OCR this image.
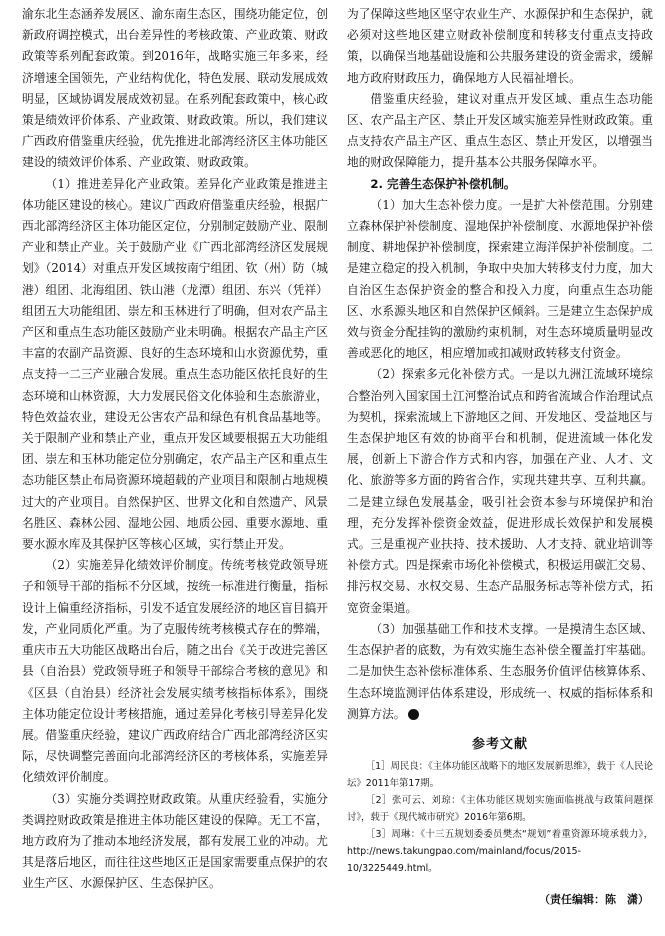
渝东北生态涵养发展区、渝东南生态区，围绕功能定位，创新政府调控模式，出台差异性的考核政策、产业政策、财政政策等系列配套政策。到2016年，战略实施三年多来，经济增速全国领先，产业结构优化，特色发展、联动发展成效明显，区域协调发展成效初显。在系列配套政策中，核心政策是绩效评价体系、产业政策、财政政策。所以，我们建议广西政府借鉴重庆经验，优先推进北部湾经济区主体功能区建设的绩效评价体系、产业政策、财政政策。

（1）推进差异化产业政策。差异化产业政策是推进主体功能区建设的核心。建议广西政府借鉴重庆经验，根据广西北部湾经济区主体功能区定位，分别制定鼓励产业、限制产业和禁止产业。关于鼓励产业《广西北部湾经济区发展规划》（2014）对重点开发区域按南宁组团、钦（州）防（城港）组团、北海组团、铁山港（龙潭）组团、东兴（凭祥）组团五大功能组团、崇左和玉林进行了明确，但对农产品主产区和重点生态功能区鼓励产业未明确。根据农产品主产区丰富的农副产品资源、良好的生态环境和山水资源优势，重点支持一二三产业融合发展。重点生态功能区依托良好的生态环境和山林资源，大力发展民俗文化体验和生态旅游业，特色效益农业，建设无公害农产品和绿色有机食品基地等。关于限制产业和禁止产业，重点开发区域要根据五大功能组团、崇左和玉林功能定位分别确定，农产品主产区和重点生态功能区禁止布局资源环境超载的产业项目和限制占地规模过大的产业项目。自然保护区、世界文化和自然遗产、风景名胜区、森林公园、湿地公园、地质公园、重要水源地、重要水源水库及其保护区等核心区域，实行禁止开发。

（2）实施差异化绩效评价制度。传统考核党政领导班子和领导干部的指标不分区域，按统一标准进行衡量，指标设计上偏重经济指标，引发不适宜发展经济的地区盲目搞开发，产业同质化严重。为了克服传统考核模式存在的弊端，重庆市五大功能区战略出台后，随之出台《关于改进完善区县（自治县）党政领导班子和领导干部综合考核的意见》和《区县（自治县）经济社会发展实绩考核指标体系》，围绕主体功能定位设计考核措施，通过差异化考核引导差异化发展。借鉴重庆经验，建议广西政府结合广西北部湾经济区实际，尽快调整完善面向北部湾经济区的考核体系，实施差异化绩效评价制度。

（3）实施分类调控财政政策。从重庆经验看，实施分类调控财政政策是推进主体功能区建设的保障。无工不富，地方政府为了推动本地经济发展，都有发展工业的冲动。尤其是落后地区，而往往这些地区正是国家需要重点保护的农业生产区、水源保护区、生态保护区。

为了保障这些地区坚守农业生产、水源保护和生态保护，就必须对这些地区建立财政补偿制度和转移支付重点支持政策，以确保当地基础设施和公共服务建设的资金需求，缓解地方政府财政压力，确保地方人民福祉增长。

借鉴重庆经验，建议对重点开发区域、重点生态功能区、农产品主产区、禁止开发区域实施差异性财政政策。重点支持农产品主产区、重点生态区、禁止开发区，以增强当地的财政保障能力，提升基本公共服务保障水平。

2. 完善生态保护补偿机制。

（1）加大生态补偿力度。一是扩大补偿范围。分别建立森林保护补偿制度、湿地保护补偿制度、水源地保护补偿制度、耕地保护补偿制度，探索建立海洋保护补偿制度。二是建立稳定的投入机制，争取中央加大转移支付力度，加大自治区生态保护资金的整合和投入力度，向重点生态功能区、水系源头地区和自然保护区倾斜。三是建立生态保护成效与资金分配挂钩的激励约束机制，对生态环境质量明显改善或恶化的地区，相应增加或扣减财政转移支付资金。

（2）探索多元化补偿方式。一是以九洲江流域环境综合整治列入国家国土江河整治试点和跨省流域合作治理试点为契机，探索流域上下游地区之间、开发地区、受益地区与生态保护地区有效的协商平台和机制，促进流域一体化发展，创新上下游合作方式和内容，加强在产业、人才、文化、旅游等多方面的跨省合作，实现共建共享、互利共赢。二是建立绿色发展基金，吸引社会资本参与环境保护和治理，充分发挥补偿资金效益，促进形成长效保护和发展模式。三是重视产业扶持、技术援助、人才支持、就业培训等补偿方式。四是探索市场化补偿模式，积极运用碳汇交易、排污权交易、水权交易、生态产品服务标志等补偿方式，拓宽资金渠道。

（3）加强基础工作和技术支撑。一是摸清生态区域、生态保护者的底数，为有效实施生态补偿全覆盖打牢基础。二是加快生态补偿标准体系、生态服务价值评估核算体系、生态环境监测评估体系建设，形成统一、权威的指标体系和测算方法。	Z

参考文献

［1］周民良：《主体功能区战略下的地区发展新思维》，载于《人民论坛》2011年第17期。

［2］张可云、刘琼：《主体功能区规划实施面临挑战与政策问题探讨》，载于《现代城市研究》2016年第6期。

［3］周琳：《十三五规划委委员樊杰“规划”着重资源环境承载力》，http://news.takungpao.com/mainland/focus/2015-10/3225449.html。

（责任编辑：陈　潇）
